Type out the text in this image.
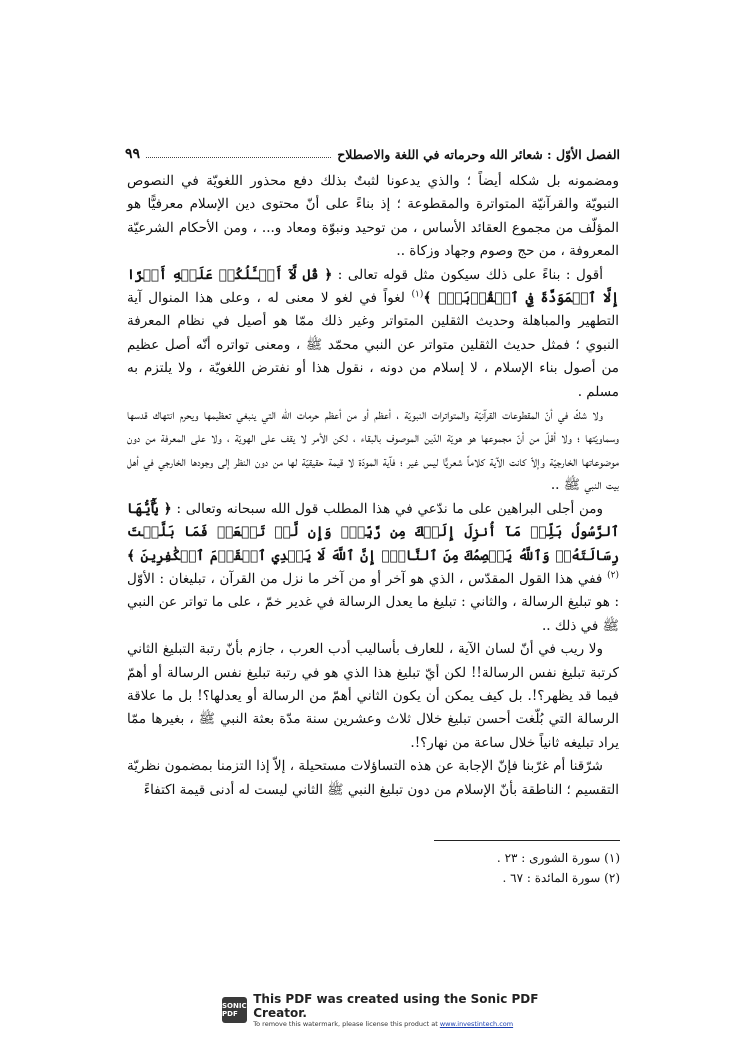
الفصل الأوّل : شعائر الله وحرماته في اللغة والاصطلاح
٩٩

ومضمونه بل شكله أيضاً ؛ والذي يدعونا لثبتٌ بذلك دفع محذور اللغويّة في النصوص النبويّة والقرآنيّة المتواترة والمقطوعة ؛ إذ بناءً على أنّ محتوى دين الإسلام معرفيًّا هو المؤلّف من مجموع العقائد الأساس ، من توحيد ونبوّة ومعاد و... ، ومن الأحكام الشرعيّة المعروفة ، من حج وصوم وجهاد وزكاة ..

أقول : بناءً على ذلك سيكون مثل قوله تعالى : ﴿ قُل لَّآ أَسۡـَٔلُكُمۡ عَلَيۡهِ أَجۡرًا إِلَّا ٱلۡمَوَدَّةَ فِي ٱلۡقُرۡبَىٰۗ ﴾$^{(١)}$ لغواً في لغو لا معنى له ، وعلى هذا المنوال آية التطهير والمباهلة وحديث الثقلين المتواتر وغير ذلك ممّا هو أصيل في نظام المعرفة النبوي ؛ فمثل حديث الثقلين متواتر عن النبي محمّد ﷺ ، ومعنى تواتره أنّه أصل عظيم من أصول بناء الإسلام ، لا إسلام من دونه ، نقول هذا أو نفترض اللغويّة ، ولا يلتزم به مسلم .

ولا شكّ في أنّ المقطوعات القرآنيّة والمتواترات النبويّة ، أعظم أو من أعظم حرمات الله التي ينبغي تعظيمها ويحرم انتهاك قدسها وسماويّتها ؛ ولا أقلّ من أنّ مجموعها هو هويّة الدّين الموصوف بالبقاء ، لكن الأمر لا يقف على الهويّة ، ولا على المعرفة من دون موضوعاتها الخارجيّة وإلاّ كانت الآية كلاماً شعريًّا ليس غير ؛ فآية المودّة لا قيمة حقيقيّة لها من دون النظر إلى وجودها الخارجي في أهل بيت النبي ﷺ ..

ومن أجلى البراهين على ما ندّعي في هذا المطلب قول الله سبحانه وتعالى : ﴿ يَٰٓأَيُّهَا ٱلرَّسُولُ بَلِّغۡ مَآ أُنزِلَ إِلَيۡكَ مِن رَّبِّكَۖ وَإِن لَّمۡ تَفۡعَلۡ فَمَا بَلَّغۡتَ رِسَالَتَهُۥۚ وَٱللَّهُ يَعۡصِمُكَ مِنَ ٱلنَّاسِۗ إِنَّ ٱللَّهَ لَا يَهۡدِي ٱلۡقَوۡمَ ٱلۡكَٰفِرِينَ ﴾$^{(٢)}$ ففي هذا القول المقدّس ، الذي هو آخر أو من آخر ما نزل من القرآن ، تبليغان : الأوّل : هو تبليغ الرسالة ، والثاني : تبليغ ما يعدل الرسالة في غدير خمّ ، على ما تواتر عن النبي ﷺ في ذلك ..

ولا ريب في أنّ لسان الآية ، للعارف بأساليب أدب العرب ، جازم بأنّ رتبة التبليغ الثاني كرتبة تبليغ نفس الرسالة!! لكن أيّ تبليغ هذا الذي هو في رتبة تبليغ نفس الرسالة أو أهمّ فيما قد يظهر؟!. بل كيف يمكن أن يكون الثاني أهمّ من الرسالة أو يعدلها؟! بل ما علاقة الرسالة التي بُلّغت أحسن تبليغ خلال ثلاث وعشرين سنة مدّة بعثة النبي ﷺ ، بغيرها ممّا يراد تبليغه ثانياً خلال ساعة من نهار؟!.

شرّقنا أم غرّبنا فإنّ الإجابة عن هذه التساؤلات مستحيلة ، إلاّ إذا التزمنا بمضمون نظريّة التقسيم ؛ الناطقة بأنّ الإسلام من دون تبليغ النبي ﷺ الثاني ليست له أدنى قيمة اكتفاءً

(١) سورة الشورى : ٢٣ .
(٢) سورة المائدة : ٦٧ .
SONIC PDF
This PDF was created using the Sonic PDF Creator.
To remove this watermark, please license this product at www.investintech.com
